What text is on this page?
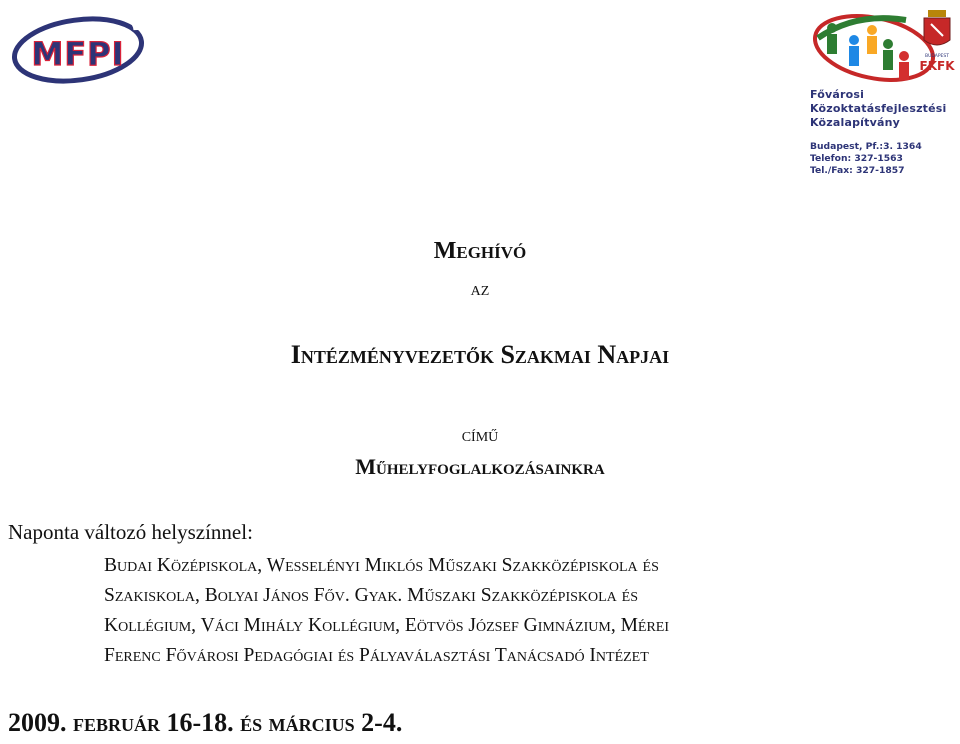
MFPI	BUDAPEST
FKFK
Fővárosi
Közoktatásfejlesztési
Közalapítvány
Budapest, Pf.:3. 1364
Telefon: 327-1563
Tel./Fax: 327-1857
Meghívó
az
Intézményvezetők Szakmai Napjai
című
Műhelyfoglalkozásainkra
Naponta változó helyszínnel:
Budai Középiskola, Wesselényi Miklós Műszaki Szakközépiskola és
Szakiskola, Bolyai János Főv. Gyak. Műszaki Szakközépiskola és
Kollégium, Váci Mihály Kollégium, Eötvös József Gimnázium, Mérei
Ferenc Fővárosi Pedagógiai és Pályaválasztási Tanácsadó Intézet
2009. február 16-18. és március 2-4.
